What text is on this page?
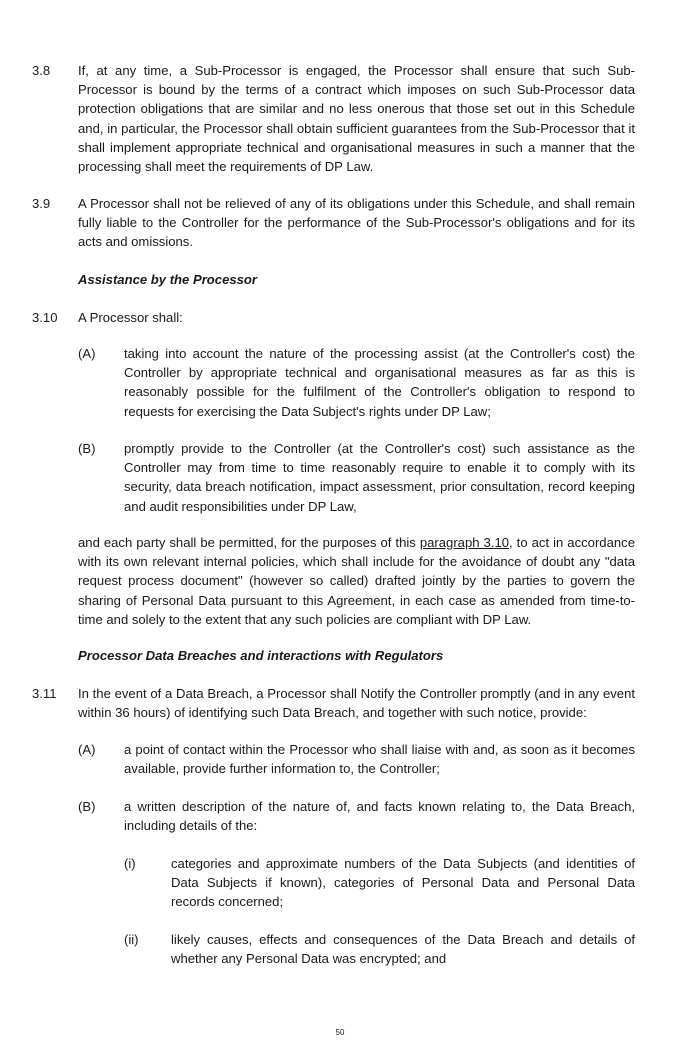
3.8 If, at any time, a Sub-Processor is engaged, the Processor shall ensure that such Sub-Processor is bound by the terms of a contract which imposes on such Sub-Processor data protection obligations that are similar and no less onerous that those set out in this Schedule and, in particular, the Processor shall obtain sufficient guarantees from the Sub-Processor that it shall implement appropriate technical and organisational measures in such a manner that the processing shall meet the requirements of DP Law.

3.9 A Processor shall not be relieved of any of its obligations under this Schedule, and shall remain fully liable to the Controller for the performance of the Sub-Processor's obligations and for its acts and omissions.

Assistance by the Processor

3.10 A Processor shall:

(A) taking into account the nature of the processing assist (at the Controller's cost) the Controller by appropriate technical and organisational measures as far as this is reasonably possible for the fulfilment of the Controller's obligation to respond to requests for exercising the Data Subject's rights under DP Law;

(B) promptly provide to the Controller (at the Controller's cost) such assistance as the Controller may from time to time reasonably require to enable it to comply with its security, data breach notification, impact assessment, prior consultation, record keeping and audit responsibilities under DP Law,

and each party shall be permitted, for the purposes of this paragraph 3.10, to act in accordance with its own relevant internal policies, which shall include for the avoidance of doubt any "data request process document" (however so called) drafted jointly by the parties to govern the sharing of Personal Data pursuant to this Agreement, in each case as amended from time-to-time and solely to the extent that any such policies are compliant with DP Law.

Processor Data Breaches and interactions with Regulators

3.11 In the event of a Data Breach, a Processor shall Notify the Controller promptly (and in any event within 36 hours) of identifying such Data Breach, and together with such notice, provide:

(A) a point of contact within the Processor who shall liaise with and, as soon as it becomes available, provide further information to, the Controller;

(B) a written description of the nature of, and facts known relating to, the Data Breach, including details of the:

(i)	categories and approximate numbers of the Data Subjects (and identities of Data Subjects if known), categories of Personal Data and Personal Data records concerned;

(ii) likely causes, effects and consequences of the Data Breach and details of whether any Personal Data was encrypted; and

50
